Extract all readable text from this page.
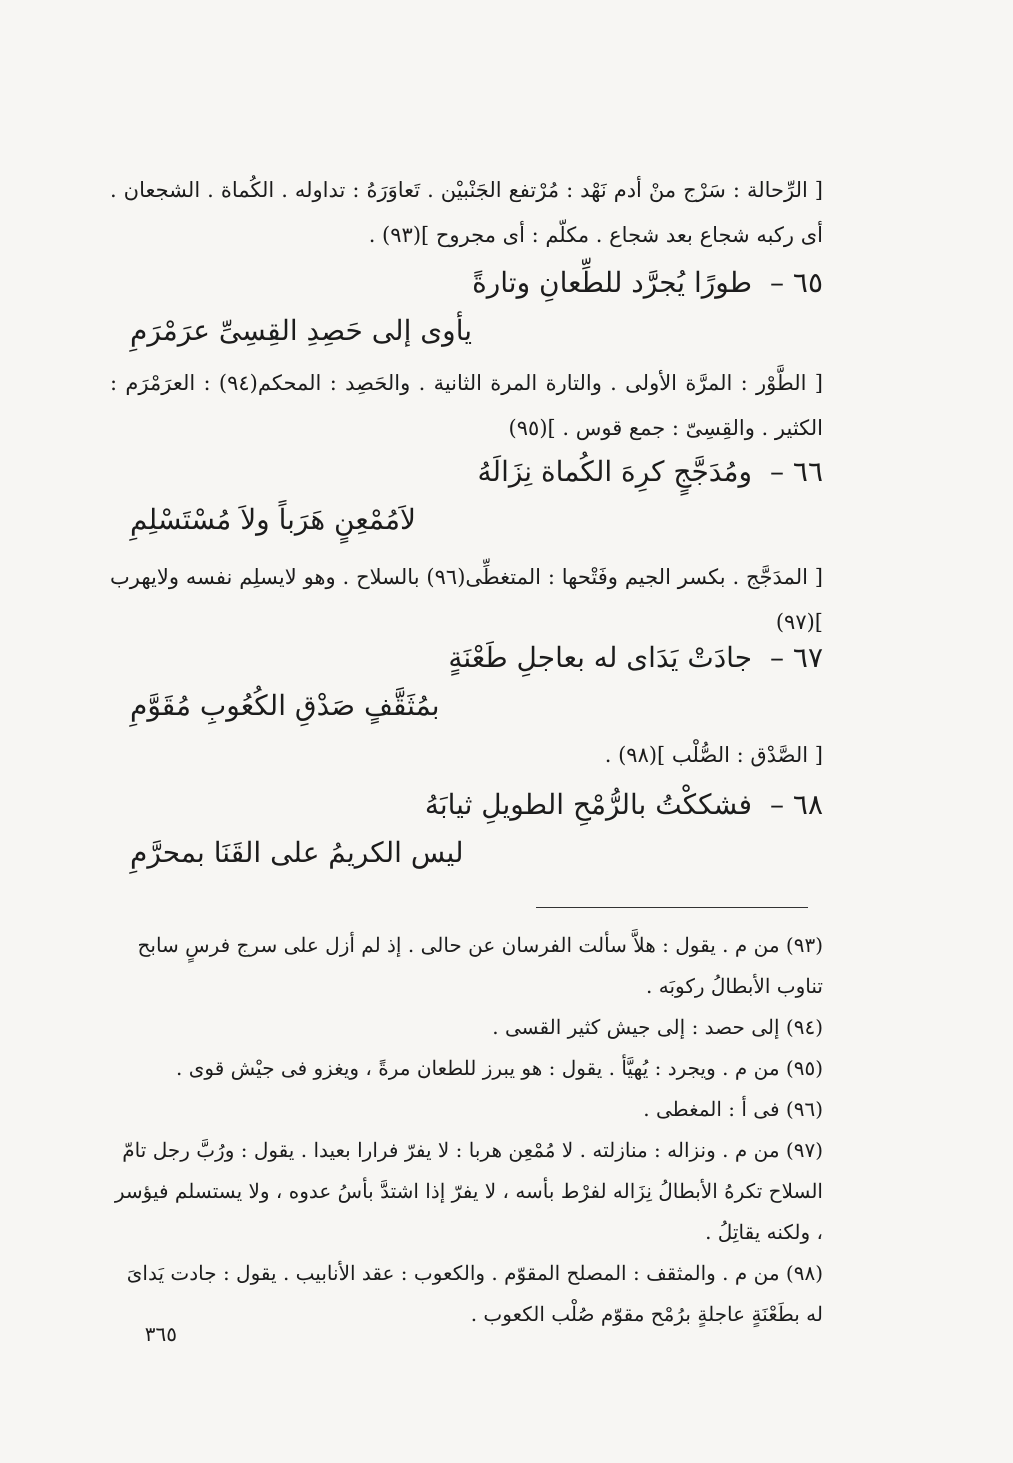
[ الرِّحالة : سَرْج منْ أدم نَهْد : مُرْتفع الجَنْبيْن . تَعاوَرَهُ : تداوله . الكُماة . الشجعان . أى ركبه شجاع بعد شجاع . مكلّم : أى مجروح ](٩٣) .

٦٥ –طورًا يُجرَّد للطِّعانِ وتارةً
يأوى إلى حَصِدِ القِسِىِّ عرَمْرَمِ

[ الطَّوْر : المرَّة الأولى . والتارة المرة الثانية . والحَصِد : المحكم(٩٤) : العرَمْرَم : الكثير . والقِسِىّ : جمع قوس . ](٩٥)

٦٦ –ومُدَجَّجٍ كرِهَ الكُماة نِزَالَهُ
لاَمُمْعِنٍ هَرَباً ولاَ مُسْتَسْلِمِ

[ المدَجَّج . بكسر الجيم وفَتْحها : المتغطِّى(٩٦) بالسلاح . وهو لايسلِم نفسه ولايهرب ](٩٧)

٦٧ –جادَتْ يَدَاى له بعاجلِ طَعْنَةٍ
بمُثَقَّفٍ صَدْقِ الكُعُوبِ مُقَوَّمِ

[ الصَّدْق : الصُّلْب ](٩٨) .

٦٨ –فشككْتُ بالرُّمْحِ الطويلِ ثيابَهُ
ليس الكريمُ على القَنَا بمحرَّمِ

(٩٣) من م . يقول : هلاَّ سألت الفرسان عن حالى . إذ لم أزل على سرج فرسٍ سابح تناوب الأبطالُ ركوبَه .

(٩٤) إلى حصد : إلى جيش كثير القسى .

(٩٥) من م . ويجرد : يُهيَّأ . يقول : هو يبرز للطعان مرةً ، ويغزو فى جيْش قوى .

(٩٦) فى أ : المغطى .

(٩٧) من م . ونزاله : منازلته . لا مُمْعِن هربا : لا يفرّ فرارا بعيدا . يقول : ورُبَّ رجل تامّ السلاح تكرهُ الأبطالُ نِزَاله لفرْط بأسه ، لا يفرّ إذا اشتدَّ بأسُ عدوه ، ولا يستسلم فيؤسر ، ولكنه يقاتِلُ .

(٩٨) من م . والمثقف : المصلح المقوّم . والكعوب : عقد الأنابيب . يقول : جادت يَداىَ له بطَعْنَةٍ عاجلةٍ برُمْح مقوّم صُلْب الكعوب .

٣٦٥
